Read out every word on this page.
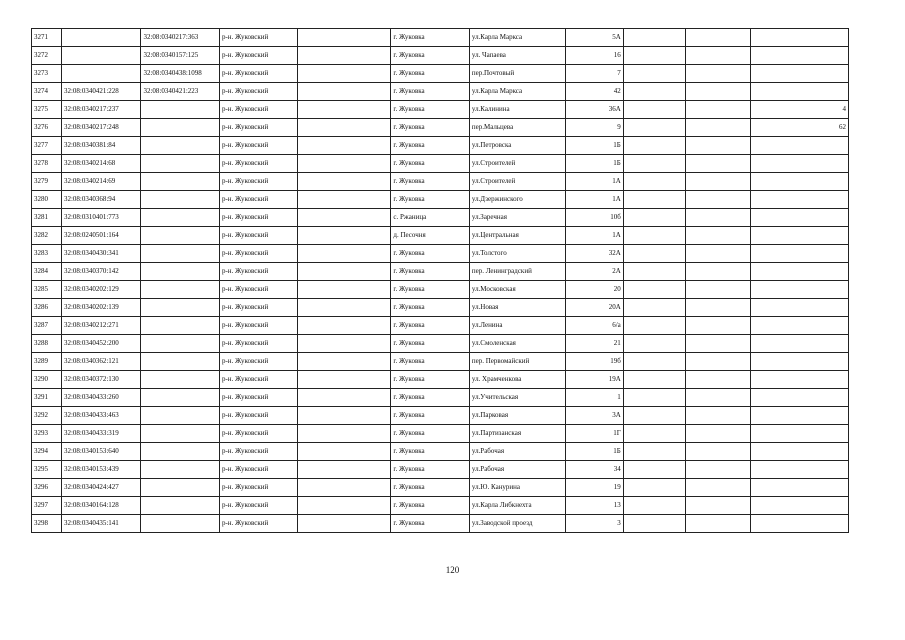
3271		32:08:0340217:363	р-н. Жуковский		г. Жуковка	ул.Карла Маркса	5А			
3272		32:08:0340157:125	р-н. Жуковский		г. Жуковка	ул. Чапаева	16			
3273		32:08:0340438:1098	р-н. Жуковский		г. Жуковка	пер.Почтовый	7			
3274	32:08:0340421:228	32:08:0340421:223	р-н. Жуковский		г. Жуковка	ул.Карла Маркса	42			
3275	32:08:0340217:237		р-н. Жуковский		г. Жуковка	ул.Калинина	36А			4
3276	32:08:0340217:248		р-н. Жуковский		г. Жуковка	пер.Мальцева	9			62
3277	32:08:0340381:84		р-н. Жуковский		г. Жуковка	ул.Петровска	1Б			
3278	32:08:0340214:68		р-н. Жуковский		г. Жуковка	ул.Строителей	1Б			
3279	32:08:0340214:69		р-н. Жуковский		г. Жуковка	ул.Строителей	1А			
3280	32:08:0340368:94		р-н. Жуковский		г. Жуковка	ул.Дзержинского	1А			
3281	32:08:0310401:773		р-н. Жуковский		с. Ржаница	ул.Заречная	10б			
3282	32:08:0240501:164		р-н. Жуковский		д. Песочня	ул.Центральная	1А			
3283	32:08:0340430:341		р-н. Жуковский		г. Жуковка	ул.Толстого	32А			
3284	32:08:0340370:142		р-н. Жуковский		г. Жуковка	пер. Ленинградский	2А			
3285	32:08:0340202:129		р-н. Жуковский		г. Жуковка	ул.Московская	20			
3286	32:08:0340202:139		р-н. Жуковский		г. Жуковка	ул.Новая	20А			
3287	32:08:0340212:271		р-н. Жуковский		г. Жуковка	ул.Ленина	6/а			
3288	32:08:0340452:200		р-н. Жуковский		г. Жуковка	ул.Смоленская	21			
3289	32:08:0340362:121		р-н. Жуковский		г. Жуковка	пер. Первомайский	19б			
3290	32:08:0340372:130		р-н. Жуковский		г. Жуковка	ул. Храмченкова	19А			
3291	32:08:0340433:260		р-н. Жуковский		г. Жуковка	ул.Учительская	1			
3292	32:08:0340433:463		р-н. Жуковский		г. Жуковка	ул.Парковая	3А			
3293	32:08:0340433:319		р-н. Жуковский		г. Жуковка	ул.Партизанская	1Г			
3294	32:08:0340153:640		р-н. Жуковский		г. Жуковка	ул.Рабочая	1Б			
3295	32:08:0340153:439		р-н. Жуковский		г. Жуковка	ул.Рабочая	34			
3296	32:08:0340424:427		р-н. Жуковский		г. Жуковка	ул.Ю. Канурина	19			
3297	32:08:0340164:128		р-н. Жуковский		г. Жуковка	ул.Карла Либкнехта	13			
3298	32:08:0340435:141		р-н. Жуковский		г. Жуковка	ул.Заводской проезд	3			
120
